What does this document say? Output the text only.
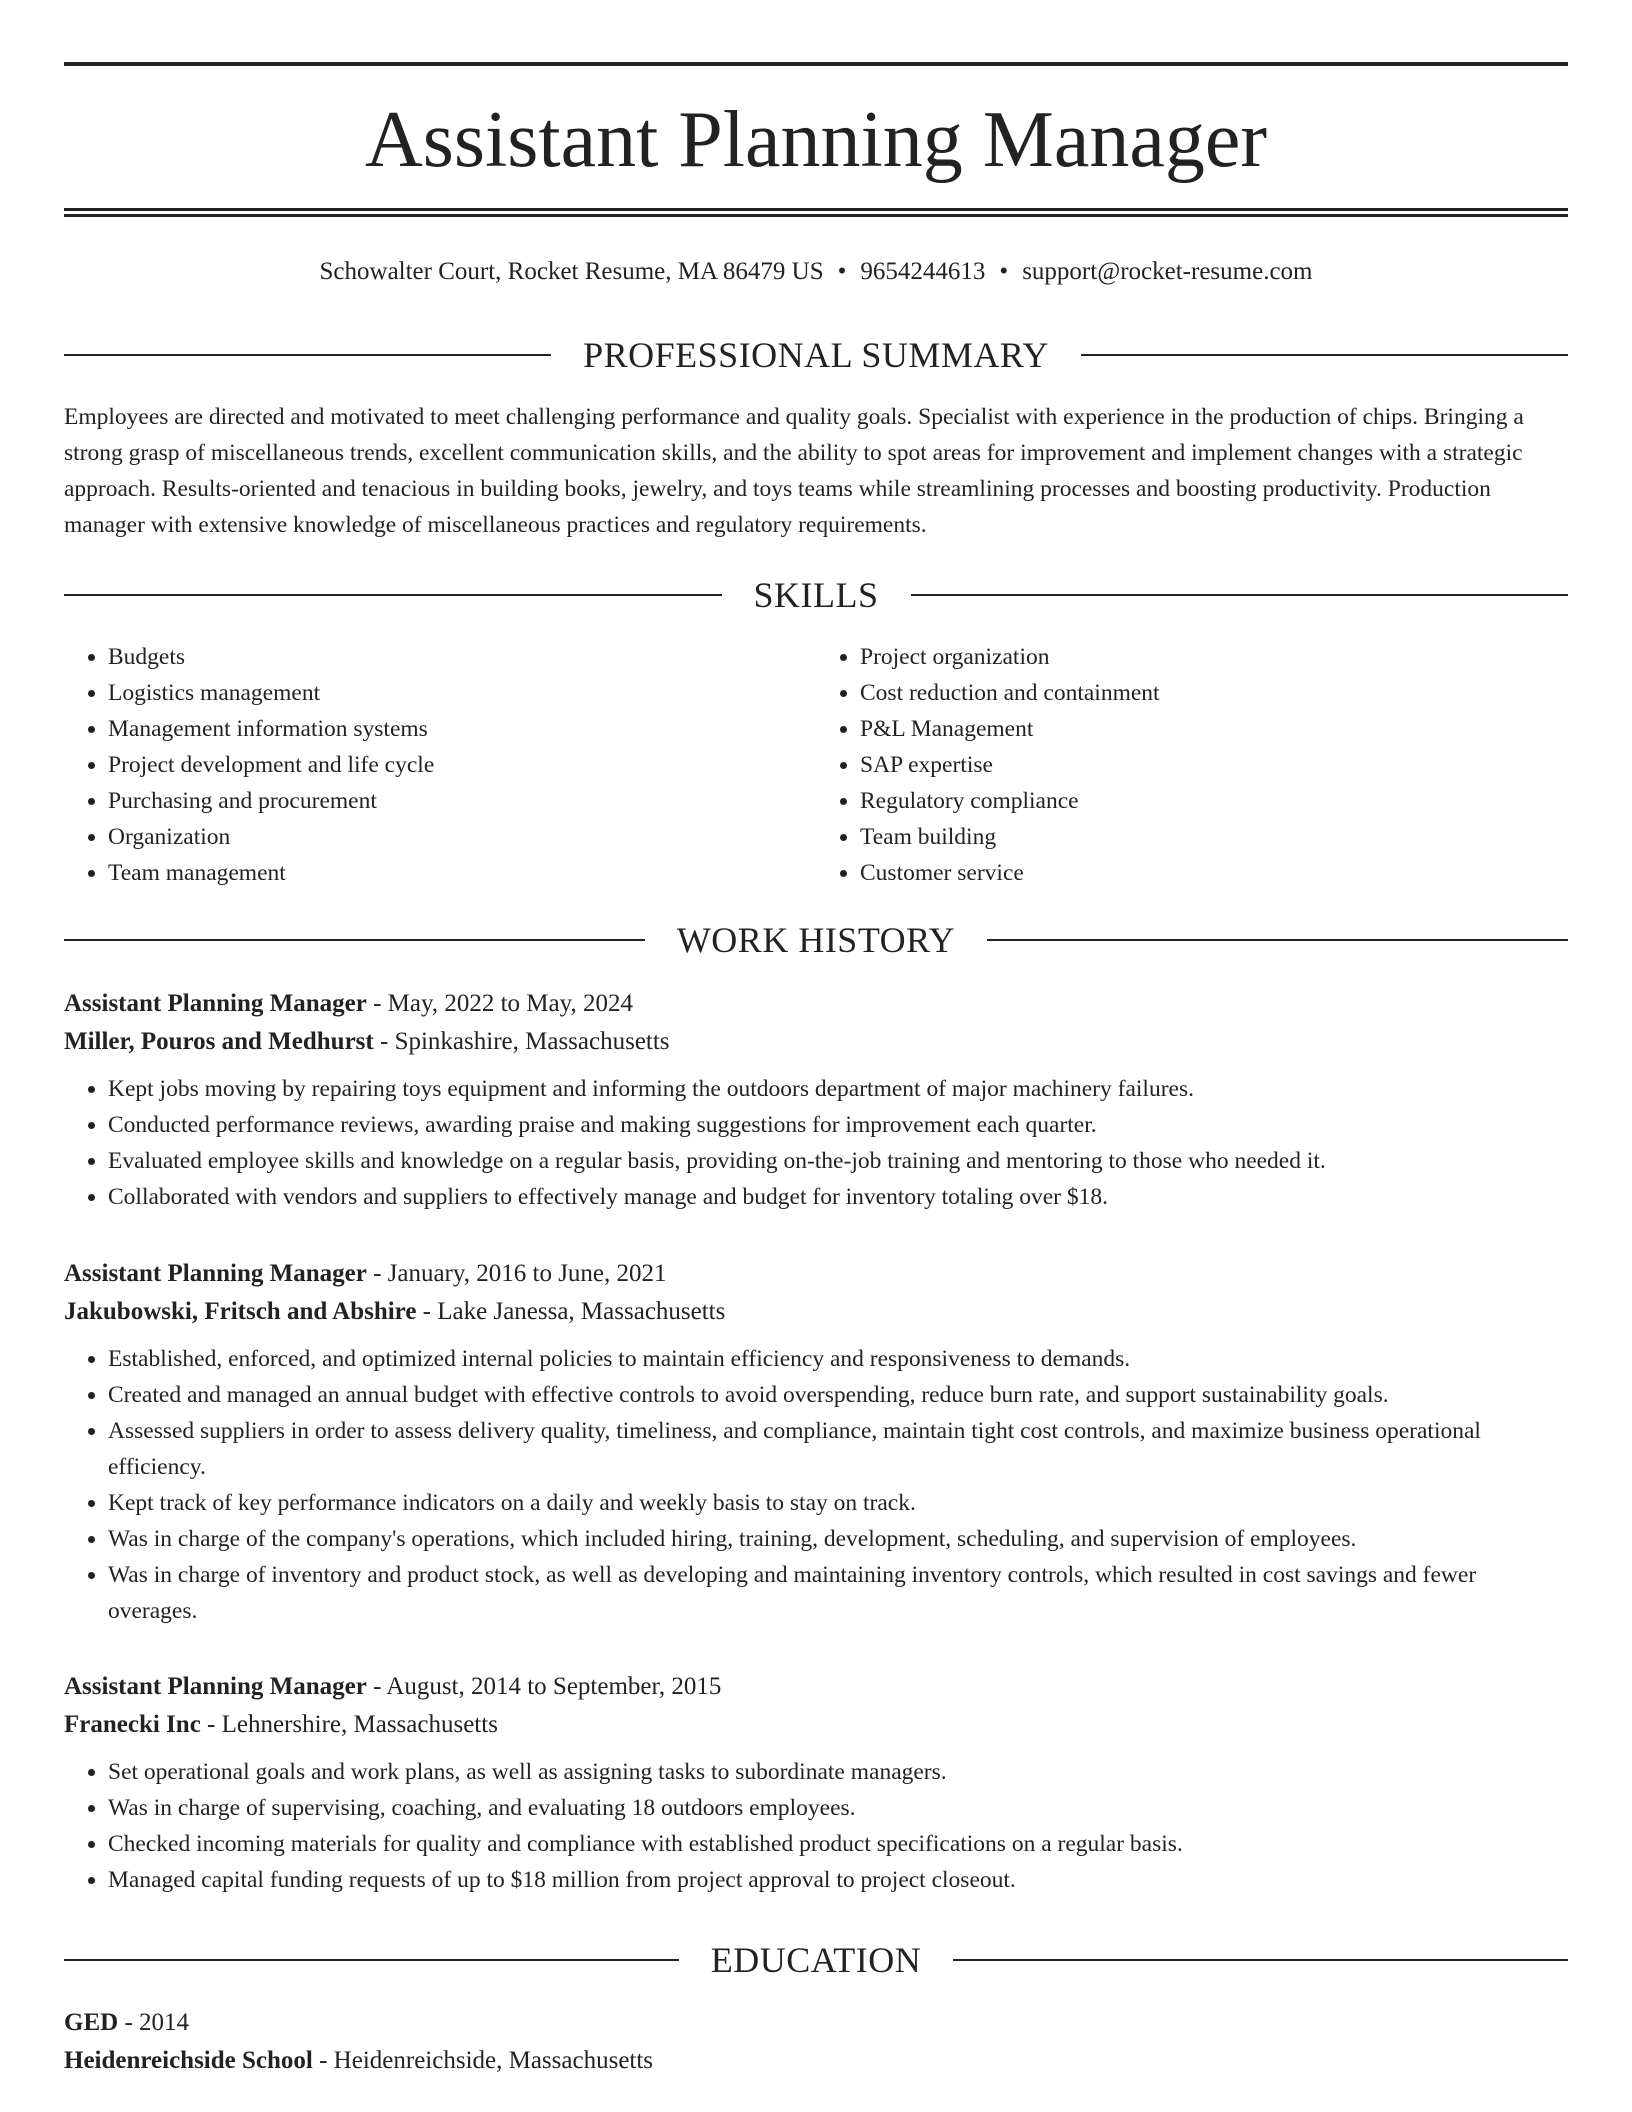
Assistant Planning Manager
Schowalter Court, Rocket Resume, MA 86479 US • 9654244613 • support@rocket-resume.com
PROFESSIONAL SUMMARY

Employees are directed and motivated to meet challenging performance and quality goals. Specialist with experience in the production of chips. Bringing a strong grasp of miscellaneous trends, excellent communication skills, and the ability to spot areas for improvement and implement changes with a strategic approach. Results-oriented and tenacious in building books, jewelry, and toys teams while streamlining processes and boosting productivity. Production manager with extensive knowledge of miscellaneous practices and regulatory requirements.

SKILLS
• Budgets
• Logistics management
• Management information systems
• Project development and life cycle
• Purchasing and procurement
• Organization
• Team management
• Project organization
• Cost reduction and containment
• P&L Management
• SAP expertise
• Regulatory compliance
• Team building
• Customer service
WORK HISTORY
Assistant Planning Manager - May, 2022 to May, 2024
Miller, Pouros and Medhurst - Spinkashire, Massachusetts
• Kept jobs moving by repairing toys equipment and informing the outdoors department of major machinery failures.
• Conducted performance reviews, awarding praise and making suggestions for improvement each quarter.
• Evaluated employee skills and knowledge on a regular basis, providing on-the-job training and mentoring to those who needed it.
• Collaborated with vendors and suppliers to effectively manage and budget for inventory totaling over $18.
Assistant Planning Manager - January, 2016 to June, 2021
Jakubowski, Fritsch and Abshire - Lake Janessa, Massachusetts
• Established, enforced, and optimized internal policies to maintain efficiency and responsiveness to demands.
• Created and managed an annual budget with effective controls to avoid overspending, reduce burn rate, and support sustainability goals.
• Assessed suppliers in order to assess delivery quality, timeliness, and compliance, maintain tight cost controls, and maximize business operational efficiency.
• Kept track of key performance indicators on a daily and weekly basis to stay on track.
• Was in charge of the company's operations, which included hiring, training, development, scheduling, and supervision of employees.
• Was in charge of inventory and product stock, as well as developing and maintaining inventory controls, which resulted in cost savings and fewer overages.
Assistant Planning Manager - August, 2014 to September, 2015
Franecki Inc - Lehnershire, Massachusetts
• Set operational goals and work plans, as well as assigning tasks to subordinate managers.
• Was in charge of supervising, coaching, and evaluating 18 outdoors employees.
• Checked incoming materials for quality and compliance with established product specifications on a regular basis.
• Managed capital funding requests of up to $18 million from project approval to project closeout.
EDUCATION
GED - 2014
Heidenreichside School - Heidenreichside, Massachusetts
